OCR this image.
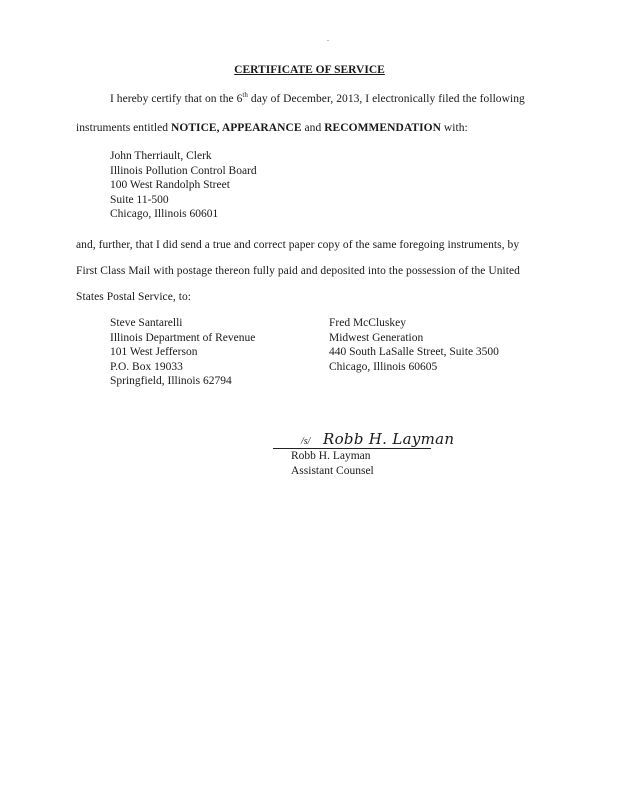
.
CERTIFICATE OF SERVICE
I hereby certify that on the 6th day of December, 2013, I electronically filed the following
instruments entitled NOTICE, APPEARANCE and RECOMMENDATION with:
John Therriault, Clerk
Illinois Pollution Control Board
100 West Randolph Street
Suite 11-500
Chicago, Illinois 60601
and, further, that I did send a true and correct paper copy of the same foregoing instruments, by
First Class Mail with postage thereon fully paid and deposited into the possession of the United
States Postal Service, to:
Steve Santarelli
Illinois Department of Revenue
101 West Jefferson
P.O. Box 19033
Springfield, Illinois 62794
Fred McCluskey
Midwest Generation
440 South LaSalle Street, Suite 3500
Chicago, Illinois 60605
/s/ Robb H. Layman
Robb H. Layman
Assistant Counsel
